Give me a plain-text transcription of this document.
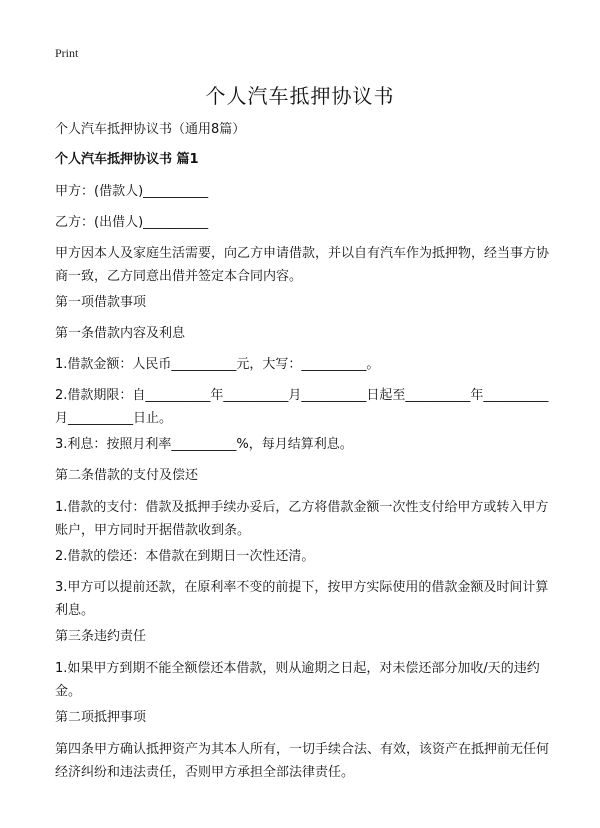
Print
个人汽车抵押协议书

个人汽车抵押协议书（通用8篇）

个人汽车抵押协议书 篇1

甲方：(借款人)__________

乙方：(出借人)__________

甲方因本人及家庭生活需要，向乙方申请借款，并以自有汽车作为抵押物，经当事方协商一致，乙方同意出借并签定本合同内容。

第一项借款事项

第一条借款内容及利息

1.借款金额：人民币__________元，大写：__________。

2.借款期限：自__________年__________月__________日起至__________年__________月__________日止。

3.利息：按照月利率__________%，每月结算利息。

第二条借款的支付及偿还

1.借款的支付：借款及抵押手续办妥后，乙方将借款金额一次性支付给甲方或转入甲方账户，甲方同时开据借款收到条。

2.借款的偿还：本借款在到期日一次性还清。

3.甲方可以提前还款，在原利率不变的前提下，按甲方实际使用的借款金额及时间计算利息。

第三条违约责任

1.如果甲方到期不能全额偿还本借款，则从逾期之日起，对未偿还部分加收/天的违约金。

第二项抵押事项

第四条甲方确认抵押资产为其本人所有，一切手续合法、有效，该资产在抵押前无任何经济纠纷和违法责任，否则甲方承担全部法律责任。
